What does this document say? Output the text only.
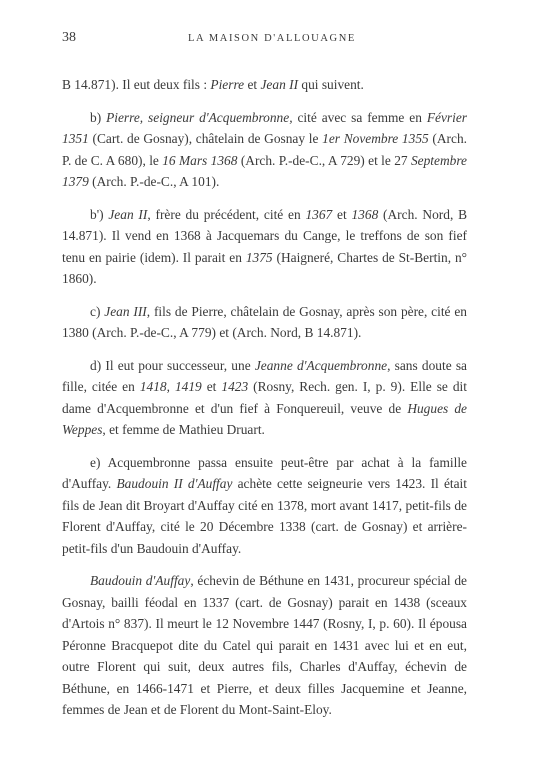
38	LA MAISON D'ALLOUAGNE

B 14.871). Il eut deux fils : Pierre et Jean II qui suivent.

b) Pierre, seigneur d'Acquembronne, cité avec sa femme en Février 1351 (Cart. de Gosnay), châtelain de Gosnay le 1er Novembre 1355 (Arch. P. de C. A 680), le 16 Mars 1368 (Arch. P.-de-C., A 729) et le 27 Septembre 1379 (Arch. P.-de-C., A 101).

b') Jean II, frère du précédent, cité en 1367 et 1368 (Arch. Nord, B 14.871). Il vend en 1368 à Jacquemars du Cange, le treffons de son fief tenu en pairie (idem). Il parait en 1375 (Haigneré, Chartes de St-Bertin, n° 1860).

c) Jean III, fils de Pierre, châtelain de Gosnay, après son père, cité en 1380 (Arch. P.-de-C., A 779) et (Arch. Nord, B 14.871).

d) Il eut pour successeur, une Jeanne d'Acquembronne, sans doute sa fille, citée en 1418, 1419 et 1423 (Rosny, Rech. gen. I, p. 9). Elle se dit dame d'Acquembronne et d'un fief à Fonquereuil, veuve de Hugues de Weppes, et femme de Mathieu Druart.

e) Acquembronne passa ensuite peut-être par achat à la famille d'Auffay. Baudouin II d'Auffay achète cette seigneurie vers 1423. Il était fils de Jean dit Broyart d'Auffay cité en 1378, mort avant 1417, petit-fils de Florent d'Auffay, cité le 20 Décembre 1338 (cart. de Gosnay) et arrière-petit-fils d'un Baudouin d'Auffay.

Baudouin d'Auffay, échevin de Béthune en 1431, procureur spécial de Gosnay, bailli féodal en 1337 (cart. de Gosnay) parait en 1438 (sceaux d'Artois n° 837). Il meurt le 12 Novembre 1447 (Rosny, I, p. 60). Il épousa Péronne Bracquepot dite du Catel qui parait en 1431 avec lui et en eut, outre Florent qui suit, deux autres fils, Charles d'Auffay, échevin de Béthune, en 1466-1471 et Pierre, et deux filles Jacquemine et Jeanne, femmes de Jean et de Florent du Mont-Saint-Eloy.
